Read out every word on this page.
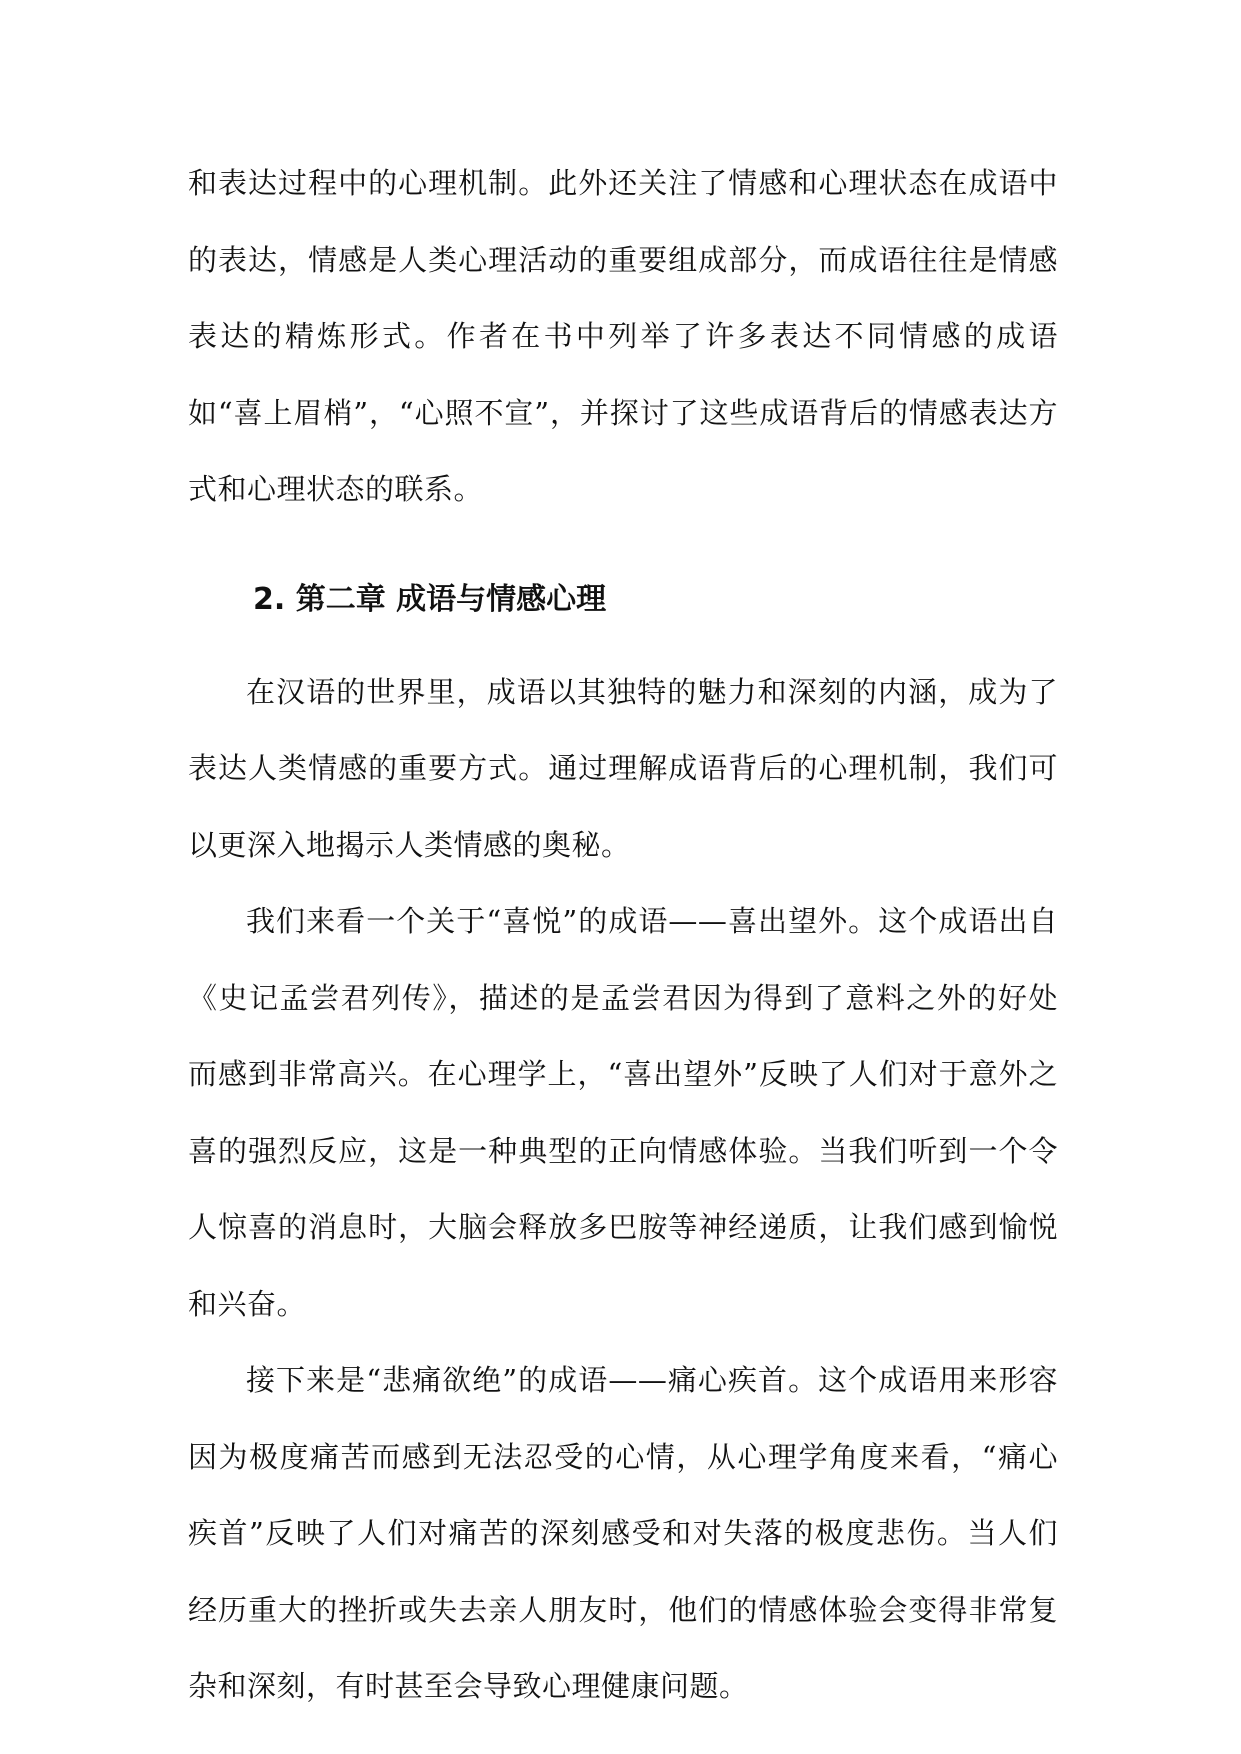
和表达过程中的心理机制。此外还关注了情感和心理状态在成语中的表达，情感是人类心理活动的重要组成部分，而成语往往是情感表达的精炼形式。作者在书中列举了许多表达不同情感的成语如“喜上眉梢”，“心照不宣”，并探讨了这些成语背后的情感表达方式和心理状态的联系。

2. 第二章 成语与情感心理

在汉语的世界里，成语以其独特的魅力和深刻的内涵，成为了表达人类情感的重要方式。通过理解成语背后的心理机制，我们可以更深入地揭示人类情感的奥秘。

我们来看一个关于“喜悦”的成语——喜出望外。这个成语出自《史记孟尝君列传》，描述的是孟尝君因为得到了意料之外的好处而感到非常高兴。在心理学上，“喜出望外”反映了人们对于意外之喜的强烈反应，这是一种典型的正向情感体验。当我们听到一个令人惊喜的消息时，大脑会释放多巴胺等神经递质，让我们感到愉悦和兴奋。

接下来是“悲痛欲绝”的成语——痛心疾首。这个成语用来形容因为极度痛苦而感到无法忍受的心情，从心理学角度来看，“痛心疾首”反映了人们对痛苦的深刻感受和对失落的极度悲伤。当人们经历重大的挫折或失去亲人朋友时，他们的情感体验会变得非常复杂和深刻，有时甚至会导致心理健康问题。
